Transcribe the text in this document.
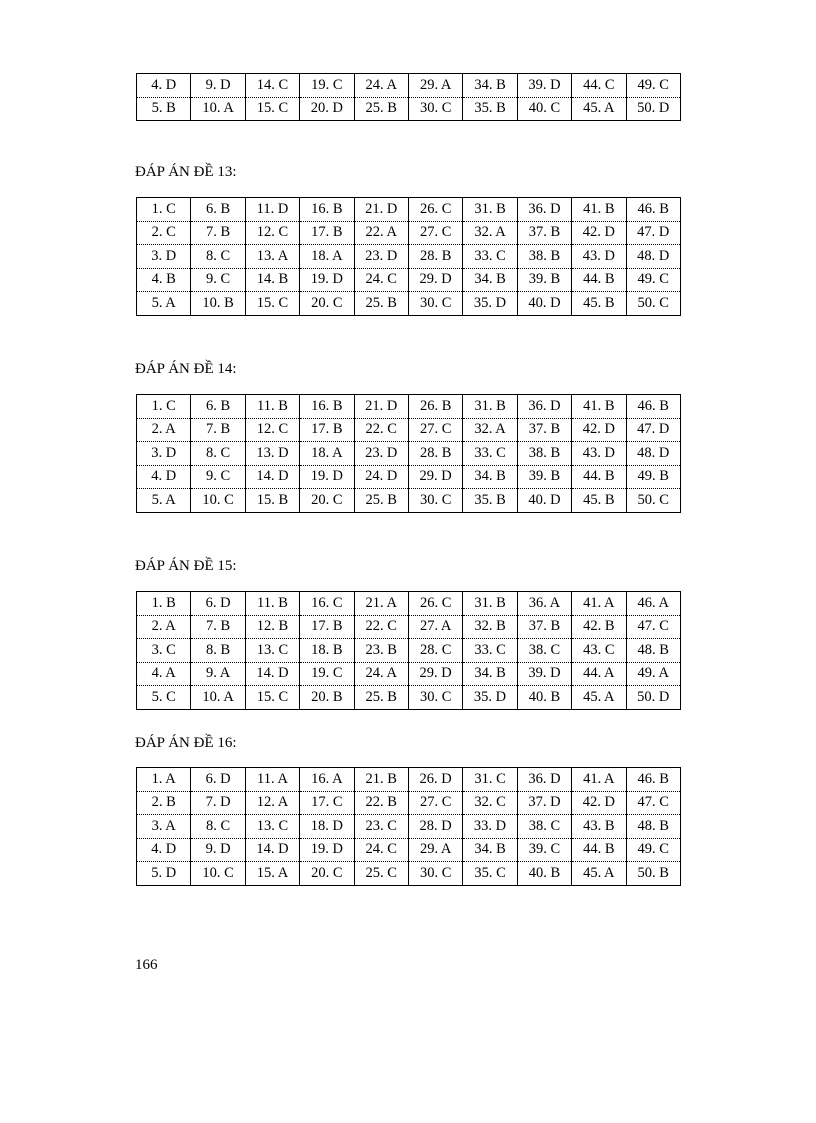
4. D	9. D	14. C	19. C	24. A	29. A	34. B	39. D	44. C	49. C
5. B	10. A	15. C	20. D	25. B	30. C	35. B	40. C	45. A	50. D
ĐÁP ÁN ĐỀ 13:
1. C	6. B	11. D	16. B	21. D	26. C	31. B	36. D	41. B	46. B
2. C	7. B	12. C	17. B	22. A	27. C	32. A	37. B	42. D	47. D
3. D	8. C	13. A	18. A	23. D	28. B	33. C	38. B	43. D	48. D
4. B	9. C	14. B	19. D	24. C	29. D	34. B	39. B	44. B	49. C
5. A	10. B	15. C	20. C	25. B	30. C	35. D	40. D	45. B	50. C
ĐÁP ÁN ĐỀ 14:
1. C	6. B	11. B	16. B	21. D	26. B	31. B	36. D	41. B	46. B
2. A	7. B	12. C	17. B	22. C	27. C	32. A	37. B	42. D	47. D
3. D	8. C	13. D	18. A	23. D	28. B	33. C	38. B	43. D	48. D
4. D	9. C	14. D	19. D	24. D	29. D	34. B	39. B	44. B	49. B
5. A	10. C	15. B	20. C	25. B	30. C	35. B	40. D	45. B	50. C
ĐÁP ÁN ĐỀ 15:
1. B	6. D	11. B	16. C	21. A	26. C	31. B	36. A	41. A	46. A
2. A	7. B	12. B	17. B	22. C	27. A	32. B	37. B	42. B	47. C
3. C	8. B	13. C	18. B	23. B	28. C	33. C	38. C	43. C	48. B
4. A	9. A	14. D	19. C	24. A	29. D	34. B	39. D	44. A	49. A
5. C	10. A	15. C	20. B	25. B	30. C	35. D	40. B	45. A	50. D
ĐÁP ÁN ĐỀ 16:
1. A	6. D	11. A	16. A	21. B	26. D	31. C	36. D	41. A	46. B
2. B	7. D	12. A	17. C	22. B	27. C	32. C	37. D	42. D	47. C
3. A	8. C	13. C	18. D	23. C	28. D	33. D	38. C	43. B	48. B
4. D	9. D	14. D	19. D	24. C	29. A	34. B	39. C	44. B	49. C
5. D	10. C	15. A	20. C	25. C	30. C	35. C	40. B	45. A	50. B
166
